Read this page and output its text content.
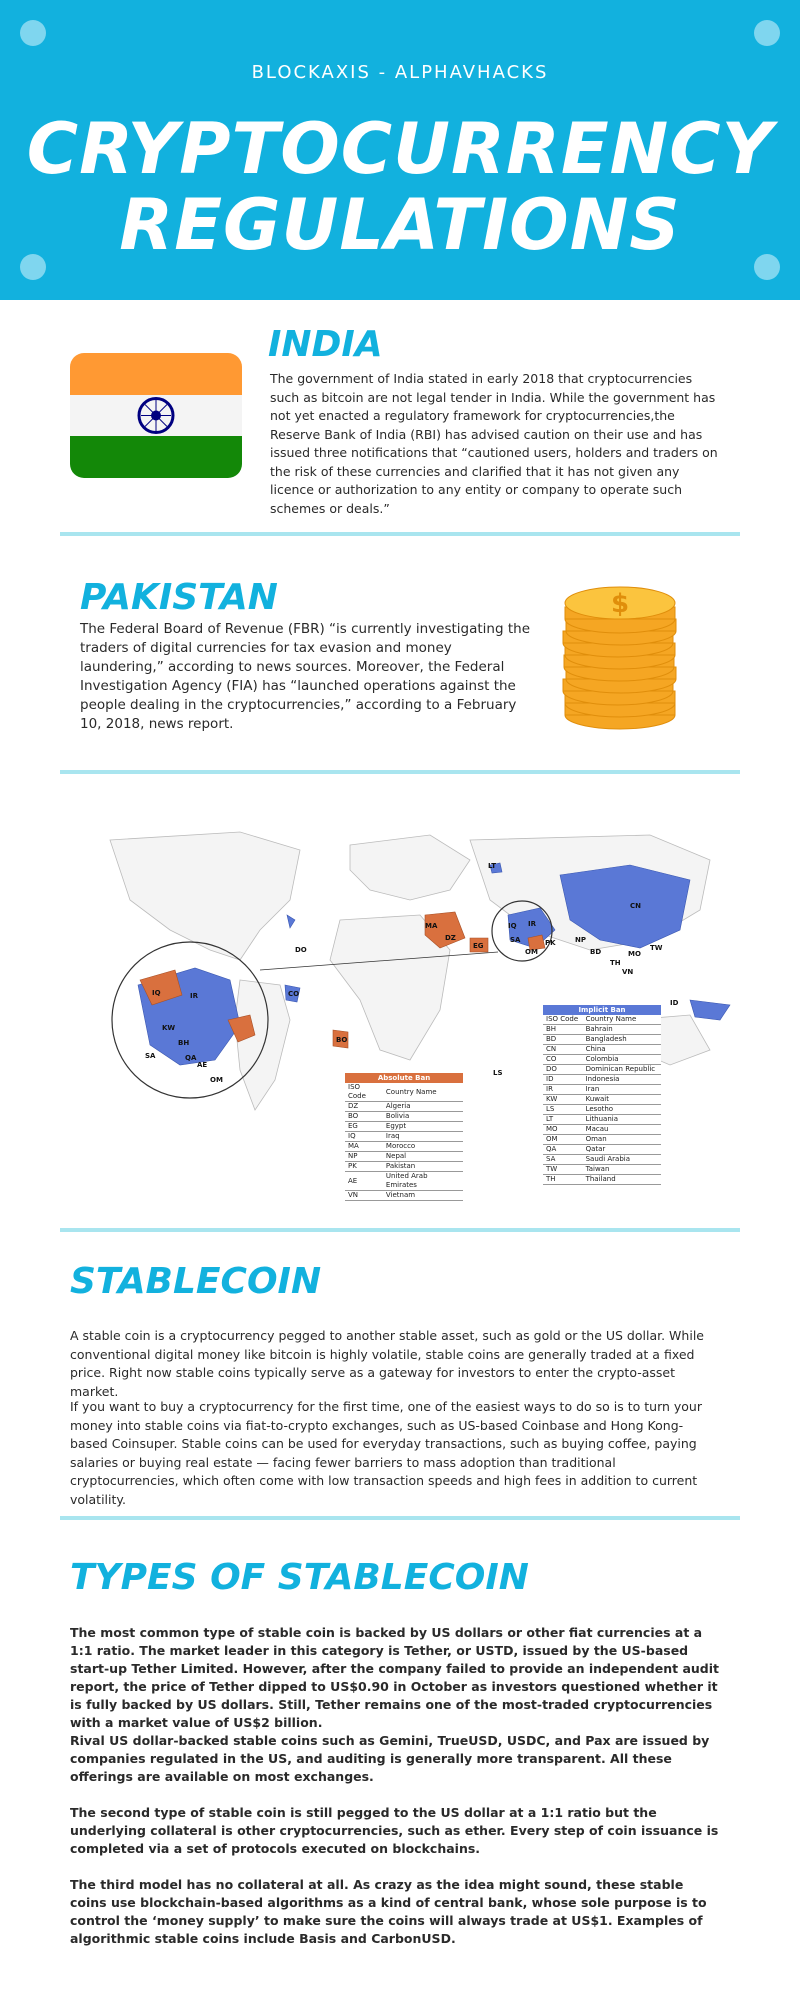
BLOCKAXIS - ALPHAVHACKS
CRYPTOCURRENCY
REGULATIONS
INDIA

The government of India stated in early 2018 that cryptocurrencies such as bitcoin are not legal tender in India. While the government has not yet enacted a regulatory framework for cryptocurrencies,the Reserve Bank of India (RBI) has advised caution on their use and has issued three notifications that “cautioned users, holders and traders on the risk of these currencies and clarified that it has not given any licence or authorization to any entity or company to operate such schemes or deals.”

PAKISTAN

The Federal Board of Revenue (FBR) “is currently investigating the traders of digital currencies for tax evasion and money laundering,” according to news sources. Moreover, the Federal Investigation Agency (FIA) has “launched operations against the people dealing in the cryptocurrencies,” according to a February 10, 2018, news report.

$
LT
MA
DZ
EG
IQ IR
SA	PK
OM
CN
NP
BD	MO
TW
VN
TH
ID
DO
CO
BO
LS
IQ	IR
KW
BH
QA
AE
SA
OM	Absolute Ban	
ISO Code	Country Name
DZ	Algeria
BO	Bolivia
EG	Egypt
IQ	Iraq
MA	Morocco
NP	Nepal
PK	Pakistan
AE	United Arab Emirates
VN	Vietnam
Implicit Ban	
ISO Code	Country Name
BH	Bahrain
BD	Bangladesh
CN	China
CO	Colombia
DO	Dominican Republic
ID	Indonesia
IR	Iran
KW	Kuwait
LS	Lesotho
LT	Lithuania
MO	Macau
OM	Oman
QA	Qatar
SA	Saudi Arabia
TW	Taiwan
TH	Thailand
STABLECOIN

A stable coin is a cryptocurrency pegged to another stable asset, such as gold or the US dollar. While conventional digital money like bitcoin is highly volatile, stable coins are generally traded at a fixed price. Right now stable coins typically serve as a gateway for investors to enter the crypto-asset market.

If you want to buy a cryptocurrency for the first time, one of the easiest ways to do so is to turn your money into stable coins via fiat-to-crypto exchanges, such as US-based Coinbase and Hong Kong-based Coinsuper. Stable coins can be used for everyday transactions, such as buying coffee, paying salaries or buying real estate — facing fewer barriers to mass adoption than traditional cryptocurrencies, which often come with low transaction speeds and high fees in addition to current volatility.

TYPES OF STABLECOIN

The most common type of stable coin is backed by US dollars or other fiat currencies at a 1:1 ratio. The market leader in this category is Tether, or USTD, issued by the US-based start-up Tether Limited. However, after the company failed to provide an independent audit report, the price of Tether dipped to US$0.90 in October as investors questioned whether it is fully backed by US dollars. Still, Tether remains one of the most-traded cryptocurrencies with a market value of US$2 billion.

Rival US dollar-backed stable coins such as Gemini, TrueUSD, USDC, and Pax are issued by companies regulated in the US, and auditing is generally more transparent. All these offerings are available on most exchanges.

The second type of stable coin is still pegged to the US dollar at a 1:1 ratio but the underlying collateral is other cryptocurrencies, such as ether. Every step of coin issuance is completed via a set of protocols executed on blockchains.

The third model has no collateral at all. As crazy as the idea might sound, these stable coins use blockchain-based algorithms as a kind of central bank, whose sole purpose is to control the ‘money supply’ to make sure the coins will always trade at US$1. Examples of algorithmic stable coins include Basis and CarbonUSD.
